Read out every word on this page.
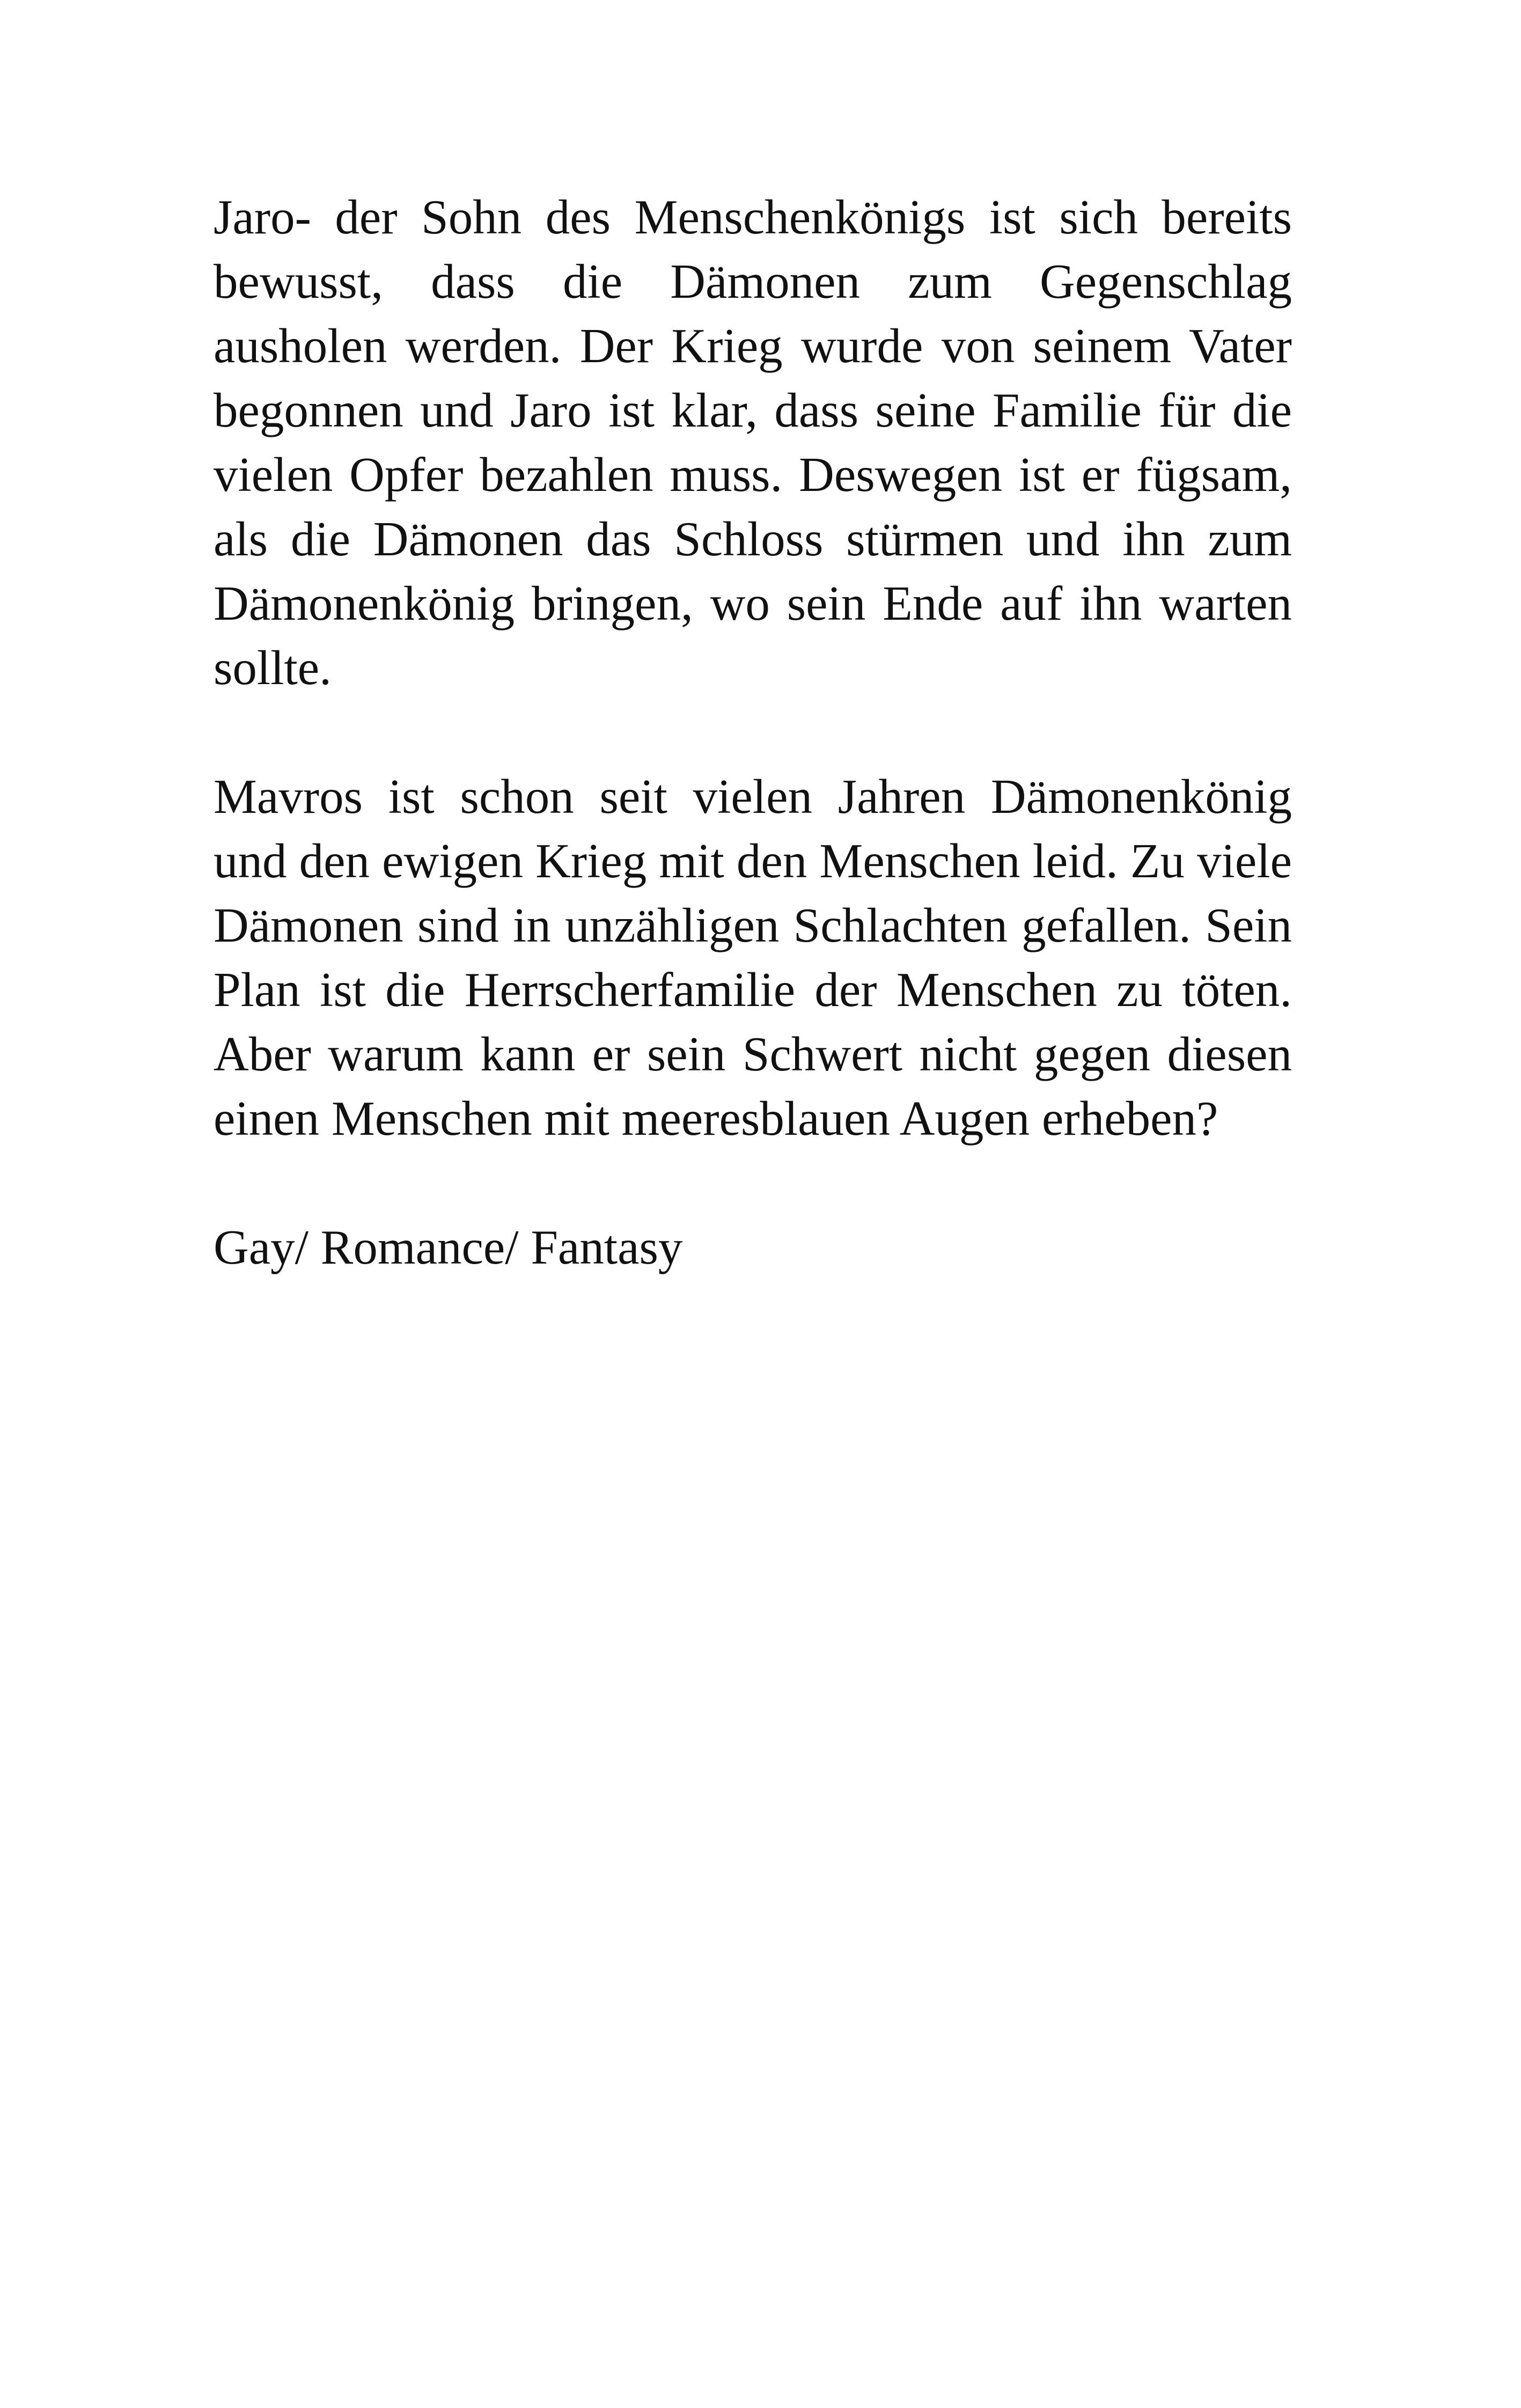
Jaro- der Sohn des Menschenkönigs ist sich bereits bewusst, dass die Dämonen zum Gegenschlag ausholen werden. Der Krieg wurde von seinem Vater begonnen und Jaro ist klar, dass seine Familie für die vielen Opfer bezahlen muss. Deswegen ist er fügsam, als die Dämonen das Schloss stürmen und ihn zum Dämonenkönig bringen, wo sein Ende auf ihn warten sollte.

Mavros ist schon seit vielen Jahren Dämonenkönig und den ewigen Krieg mit den Menschen leid. Zu viele Dämonen sind in unzähligen Schlachten gefallen. Sein Plan ist die Herrscherfamilie der Menschen zu töten. Aber warum kann er sein Schwert nicht gegen diesen einen Menschen mit meeresblauen Augen erheben?

Gay/ Romance/ Fantasy
